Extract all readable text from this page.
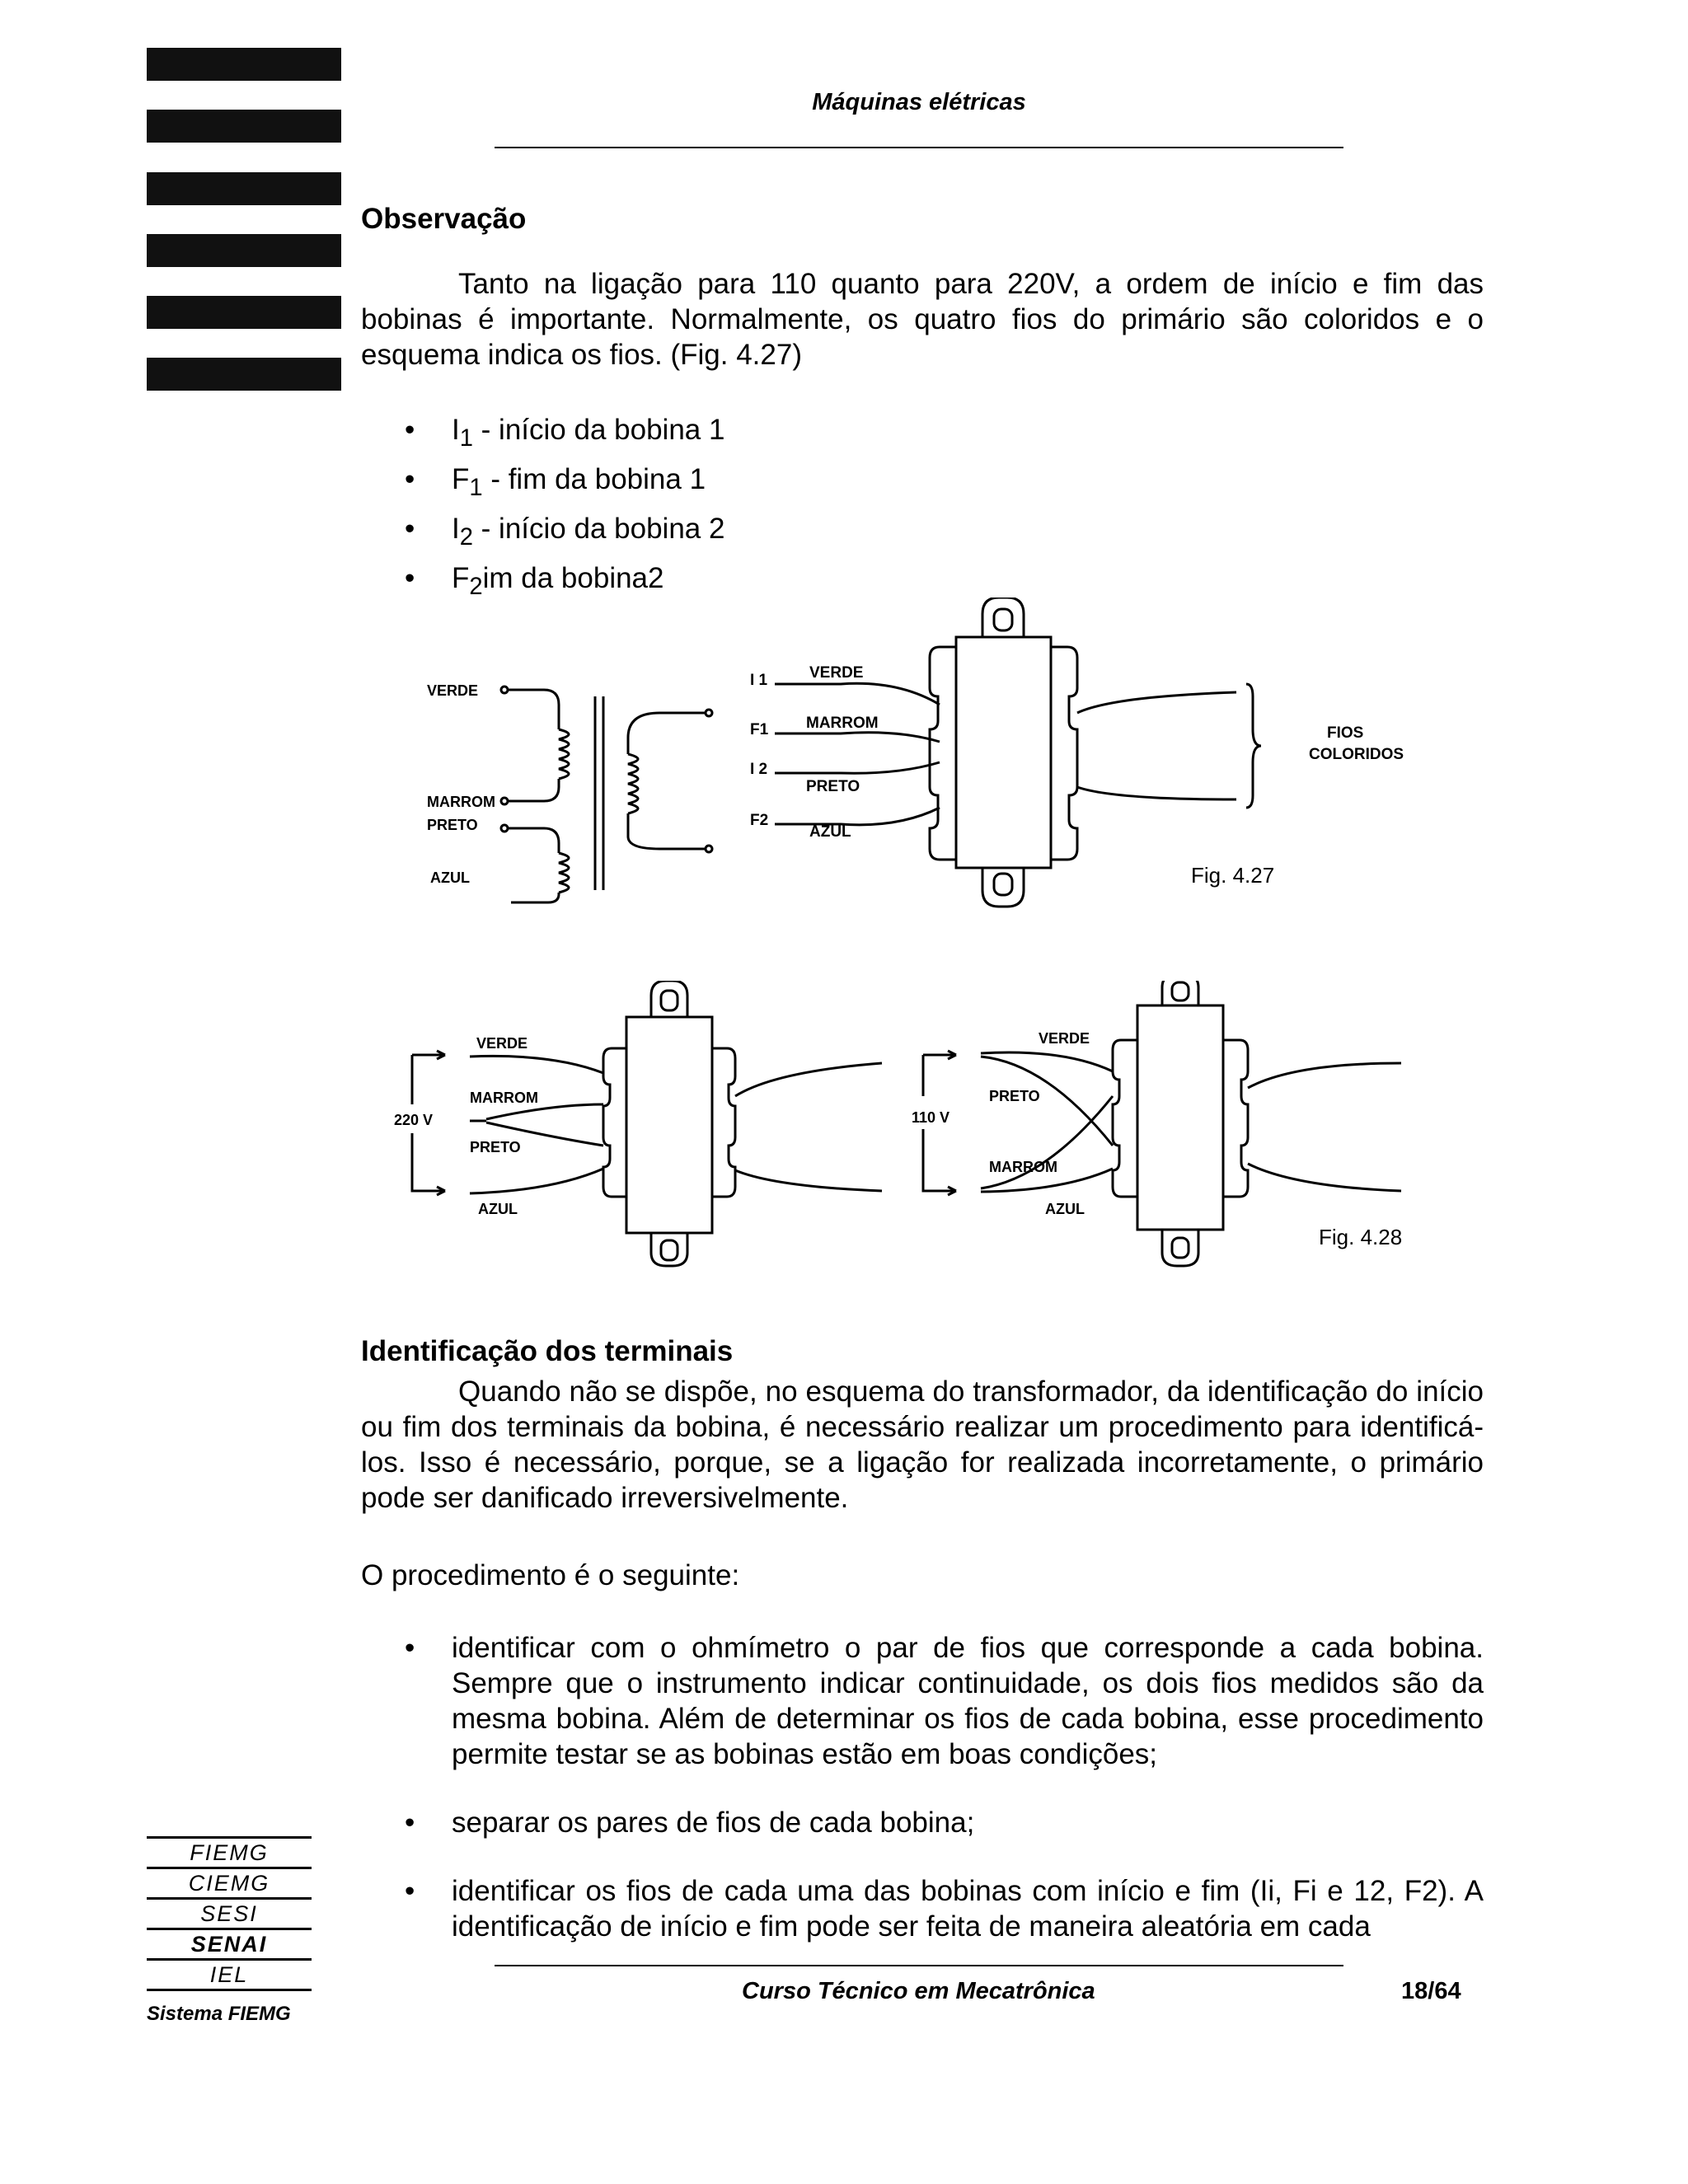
Máquinas elétricas
Observação
Tanto na ligação para 110 quanto para 220V, a ordem de início e fim das bobinas é importante. Normalmente, os quatro fios do primário são coloridos e o esquema indica os fios. (Fig. 4.27)
• $I_1$ - início da bobina 1
• $F_1$ - fim da bobina 1
• $I_2$ - início da bobina 2
• $F_2im$ da bobina2
VERDE
MARROM
PRETO
AZUL
I 1
F1
I 2
F2
VERDE
MARROM
PRETO
AZUL
FIOS
COLORIDOS
Fig. 4.27
VERDE
MARROM
PRETO
AZUL
220 V
VERDE
PRETO
MARROM
AZUL
110 V
Fig. 4.28
Identificação dos terminais
Quando não se dispõe, no esquema do transformador, da identificação do início ou fim dos terminais da bobina, é necessário realizar um procedimento para identificá-los. Isso é necessário, porque, se a ligação for realizada incorretamente, o primário pode ser danificado irreversivelmente.
O procedimento é o seguinte:
• identificar com o ohmímetro o par de fios que corresponde a cada bobina. Sempre que o instrumento indicar continuidade, os dois fios medidos são da mesma bobina. Além de determinar os fios de cada bobina, esse procedimento permite testar se as bobinas estão em boas condições;
• separar os pares de fios de cada bobina;
• identificar os fios de cada uma das bobinas com início e fim (Ii, Fi e 12, F2). A identificação de início e fim pode ser feita de maneira aleatória em cada
FIEMG
CIEMG
SESI
SENAI
IEL
Sistema FIEMG
Curso Técnico em Mecatrônica	18/64
